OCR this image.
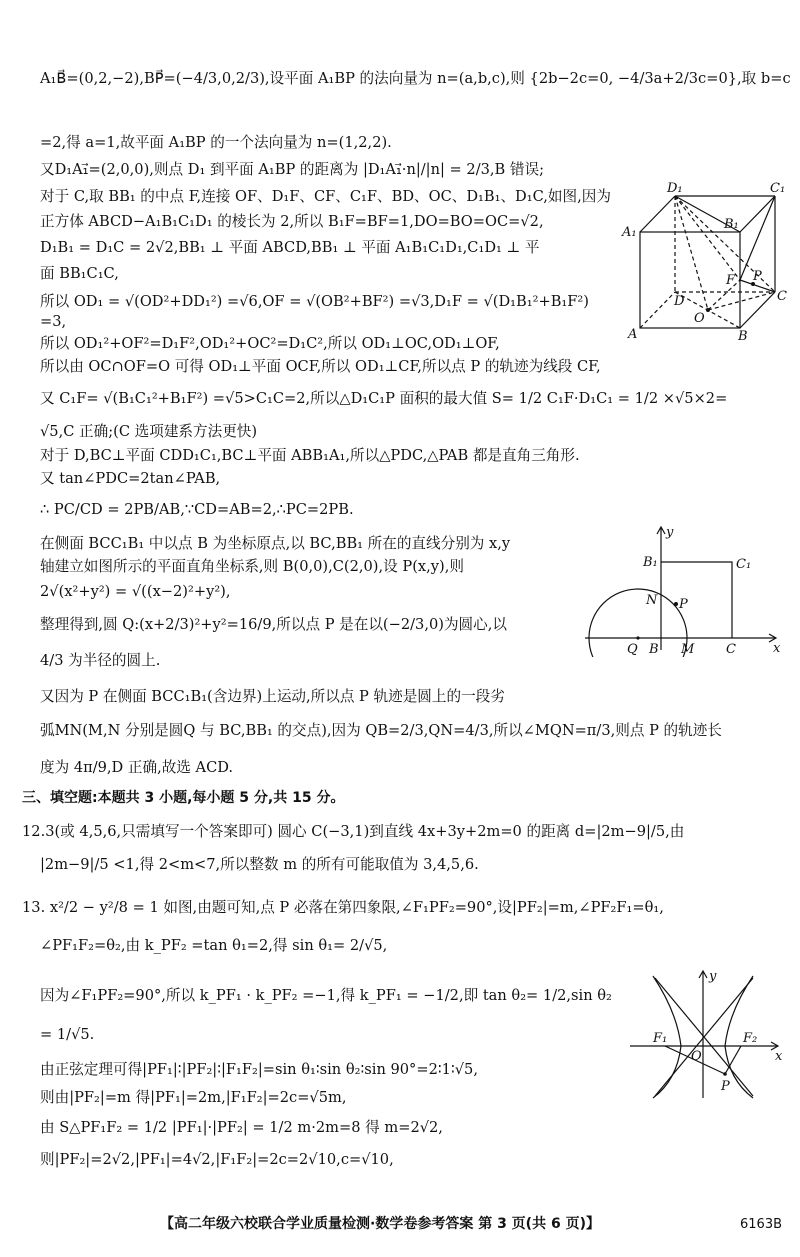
A₁B⃗=(0,2,−2),BP⃗=(−4/3,0,2/3),设平面 A₁BP 的法向量为 n=(a,b,c),则 {2b−2c=0, −4/3a+2/3c=0},取 b=c
=2,得 a=1,故平面 A₁BP 的一个法向量为 n=(1,2,2).
又D₁A₁⃗=(2,0,0),则点 D₁ 到平面 A₁BP 的距离为 |D₁A₁⃗·n|/|n| = 2/3,B 错误;
对于 C,取 BB₁ 的中点 F,连接 OF、D₁F、CF、C₁F、BD、OC、D₁B₁、D₁C,如图,因为
正方体 ABCD−A₁B₁C₁D₁ 的棱长为 2,所以 B₁F=BF=1,DO=BO=OC=√2,
D₁B₁ = D₁C = 2√2,BB₁ ⊥ 平面 ABCD,BB₁ ⊥ 平面 A₁B₁C₁D₁,C₁D₁ ⊥ 平
面 BB₁C₁C,
所以 OD₁ = √(OD²+DD₁²) =√6,OF = √(OB²+BF²) =√3,D₁F = √(D₁B₁²+B₁F²)
=3,
所以 OD₁²+OF²=D₁F²,OD₁²+OC²=D₁C²,所以 OD₁⊥OC,OD₁⊥OF,
所以由 OC∩OF=O 可得 OD₁⊥平面 OCF,所以 OD₁⊥CF,所以点 P 的轨迹为线段 CF,
又 C₁F= √(B₁C₁²+B₁F²) =√5>C₁C=2,所以△D₁C₁P 面积的最大值 S= 1/2 C₁F·D₁C₁ = 1/2 ×√5×2=
√5,C 正确;(C 选项建系方法更快)
对于 D,BC⊥平面 CDD₁C₁,BC⊥平面 ABB₁A₁,所以△PDC,△PAB 都是直角三角形.
又 tan∠PDC=2tan∠PAB,
∴ PC/CD = 2PB/AB,∵CD=AB=2,∴PC=2PB.
在侧面 BCC₁B₁ 中以点 B 为坐标原点,以 BC,BB₁ 所在的直线分别为 x,y
轴建立如图所示的平面直角坐标系,则 B(0,0),C(2,0),设 P(x,y),则
2√(x²+y²) = √((x−2)²+y²),
整理得到,圆 Q:(x+2/3)²+y²=16/9,所以点 P 是在以(−2/3,0)为圆心,以
4/3 为半径的圆上.
又因为 P 在侧面 BCC₁B₁(含边界)上运动,所以点 P 轨迹是圆上的一段劣
弧MN(M,N 分别是圆Q 与 BC,BB₁ 的交点),因为 QB=2/3,QN=4/3,所以∠MQN=π/3,则点 P 的轨迹长
度为 4π/9,D 正确,故选 ACD.
三、填空题:本题共 3 小题,每小题 5 分,共 15 分。
12.3(或 4,5,6,只需填写一个答案即可) 圆心 C(−3,1)到直线 4x+3y+2m=0 的距离 d=|2m−9|/5,由
|2m−9|/5 <1,得 2<m<7,所以整数 m 的所有可能取值为 3,4,5,6.
13. x²/2 − y²/8 = 1 如图,由题可知,点 P 必落在第四象限,∠F₁PF₂=90°,设|PF₂|=m,∠PF₂F₁=θ₁,
∠PF₁F₂=θ₂,由 k_PF₂ =tan θ₁=2,得 sin θ₁= 2/√5,
因为∠F₁PF₂=90°,所以 k_PF₁ · k_PF₂ =−1,得 k_PF₁ = −1/2,即 tan θ₂= 1/2,sin θ₂
= 1/√5.
由正弦定理可得|PF₁|∶|PF₂|∶|F₁F₂|=sin θ₁∶sin θ₂∶sin 90°=2∶1∶√5,
则由|PF₂|=m 得|PF₁|=2m,|F₁F₂|=2c=√5m,
由 S△PF₁F₂ = 1/2 |PF₁|·|PF₂| = 1/2 m·2m=8 得 m=2√2,
则|PF₂|=2√2,|PF₁|=4√2,|F₁F₂|=2c=2√10,c=√10,
【高二年级六校联合学业质量检测·数学卷参考答案 第 3 页(共 6 页)】	6163B
D₁	C₁
A₁
B₁
F P
D
O
C
A	B
y
B₁	C₁
N P
Q B M C	x
y
F₁
O
F₂
x
P
